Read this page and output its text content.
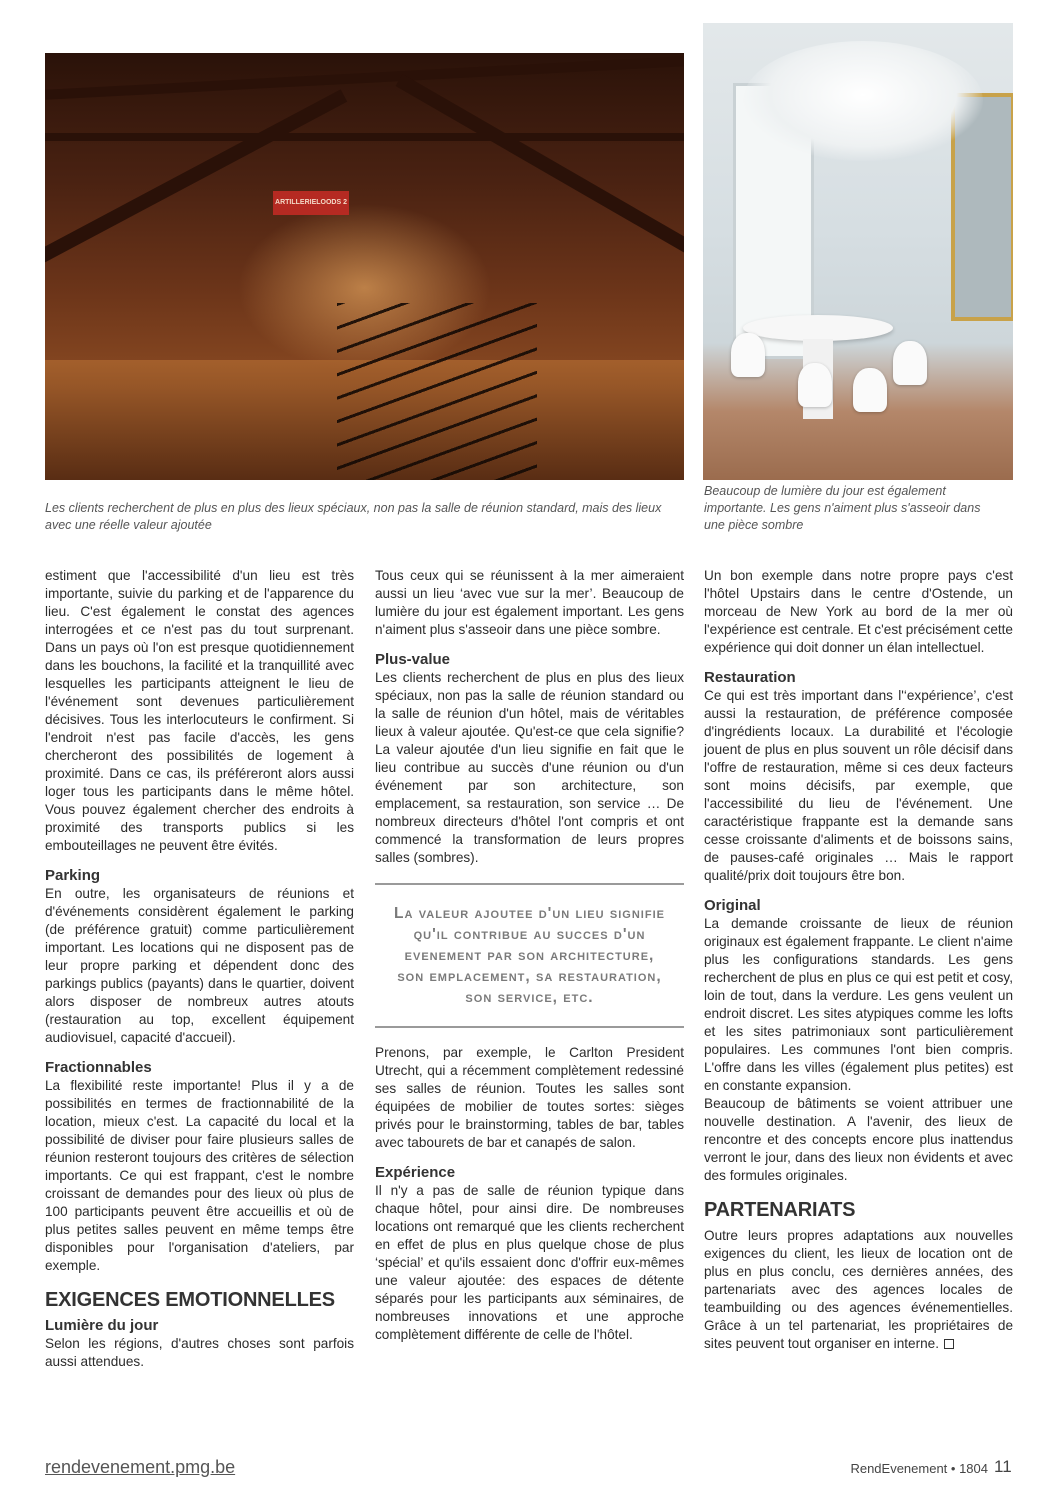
ARTILLERIELOODS 2
Les clients recherchent de plus en plus des lieux spéciaux, non pas la salle de réunion standard, mais des lieux avec une réelle valeur ajoutée
Beaucoup de lumière du jour est également importante. Les gens n'aiment plus s'asseoir dans une pièce sombre

estiment que l'accessibilité d'un lieu est très importante, suivie du parking et de l'apparence du lieu. C'est également le constat des agences interrogées et ce n'est pas du tout surprenant. Dans un pays où l'on est presque quotidiennement dans les bouchons, la facilité et la tranquillité avec lesquelles les participants atteignent le lieu de l'événement sont devenues particulièrement décisives. Tous les interlocuteurs le confirment. Si l'endroit n'est pas facile d'accès, les gens chercheront des possibilités de logement à proximité. Dans ce cas, ils préféreront alors aussi loger tous les participants dans le même hôtel. Vous pouvez également chercher des endroits à proximité des transports publics si les embouteillages ne peuvent être évités.

Parking

En outre, les organisateurs de réunions et d'événements considèrent également le parking (de préférence gratuit) comme particulièrement important. Les locations qui ne disposent pas de leur propre parking et dépendent donc des parkings publics (payants) dans le quartier, doivent alors disposer de nombreux autres atouts (restauration au top, excellent équipement audiovisuel, capacité d'accueil).

Fractionnables

La flexibilité reste importante! Plus il y a de possibilités en termes de fractionnabilité de la location, mieux c'est. La capacité du local et la possibilité de diviser pour faire plusieurs salles de réunion resteront toujours des critères de sélection importants. Ce qui est frappant, c'est le nombre croissant de demandes pour des lieux où plus de 100 participants peuvent être accueillis et où de plus petites salles peuvent en même temps être disponibles pour l'organisation d'ateliers, par exemple.

EXIGENCES EMOTIONNELLES
Lumière du jour

Selon les régions, d'autres choses sont parfois aussi attendues.

Tous ceux qui se réunissent à la mer aimeraient aussi un lieu ‘avec vue sur la mer’. Beaucoup de lumière du jour est également important. Les gens n'aiment plus s'asseoir dans une pièce sombre.

Plus-value

Les clients recherchent de plus en plus des lieux spéciaux, non pas la salle de réunion standard ou la salle de réunion d'un hôtel, mais de véritables lieux à valeur ajoutée. Qu'est-ce que cela signifie? La valeur ajoutée d'un lieu signifie en fait que le lieu contribue au succès d'une réunion ou d'un événement par son architecture, son emplacement, sa restauration, son service … De nombreux directeurs d'hôtel l'ont compris et ont commencé la transformation de leurs propres salles (sombres).

La valeur ajoutee d'un lieu signifie qu'il contribue au succes d'un evenement par son architecture, son emplacement, sa restauration, son service, etc.

Prenons, par exemple, le Carlton President Utrecht, qui a récemment complètement redessiné ses salles de réunion. Toutes les salles sont équipées de mobilier de toutes sortes: sièges privés pour le brainstorming, tables de bar, tables avec tabourets de bar et canapés de salon.

Expérience

Il n'y a pas de salle de réunion typique dans chaque hôtel, pour ainsi dire. De nombreuses locations ont remarqué que les clients recherchent en effet de plus en plus quelque chose de plus ‘spécial’ et qu'ils essaient donc d'offrir eux-mêmes une valeur ajoutée: des espaces de détente séparés pour les participants aux séminaires, de nombreuses innovations et une approche complètement différente de celle de l'hôtel.

Un bon exemple dans notre propre pays c'est l'hôtel Upstairs dans le centre d'Ostende, un morceau de New York au bord de la mer où l'expérience est centrale. Et c'est précisément cette expérience qui doit donner un élan intellectuel.

Restauration

Ce qui est très important dans l'‘expérience’, c'est aussi la restauration, de préférence composée d'ingrédients locaux. La durabilité et l'écologie jouent de plus en plus souvent un rôle décisif dans l'offre de restauration, même si ces deux facteurs sont moins décisifs, par exemple, que l'accessibilité du lieu de l'événement. Une caractéristique frappante est la demande sans cesse croissante d'aliments et de boissons sains, de pauses-café originales … Mais le rapport qualité/prix doit toujours être bon.

Original

La demande croissante de lieux de réunion originaux est également frappante. Le client n'aime plus les configurations standards. Les gens recherchent de plus en plus ce qui est petit et cosy, loin de tout, dans la verdure. Les gens veulent un endroit discret. Les sites atypiques comme les lofts et les sites patrimoniaux sont particulièrement populaires. Les communes l'ont bien compris. L'offre dans les villes (également plus petites) est en constante expansion.

Beaucoup de bâtiments se voient attribuer une nouvelle destination. A l'avenir, des lieux de rencontre et des concepts encore plus inattendus verront le jour, dans des lieux non évidents et avec des formules originales.

PARTENARIATS

Outre leurs propres adaptations aux nouvelles exigences du client, les lieux de location ont de plus en plus conclu, ces dernières années, des partenariats avec des agences locales de teambuilding ou des agences événementielles. Grâce à un tel partenariat, les propriétaires de sites peuvent tout organiser en interne.

rendevenement.pmg.be	RendEvenement • 1804 11
